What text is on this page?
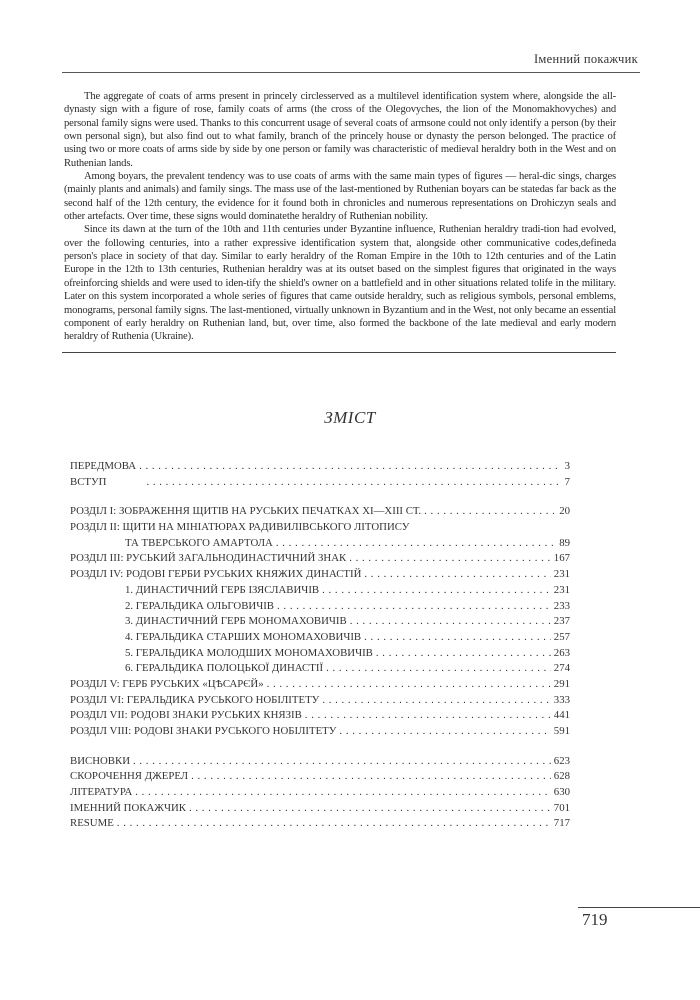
Іменний покажчик

The aggregate of coats of arms present in princely circlesserved as a multilevel identification system where, alongside the all-dynasty sign with a figure of rose, family coats of arms (the cross of the Olegovyches, the lion of the Monomakhovyches) and personal family signs were used. Thanks to this concurrent usage of several coats of armsone could not only identify a person (by their own personal sign), but also find out to what family, branch of the princely house or dynasty the person belonged. The practice of using two or more coats of arms side by side by one person or family was characteristic of medieval heraldry both in the West and on Ruthenian lands.

Among boyars, the prevalent tendency was to use coats of arms with the same main types of figures — heral-dic sings, charges (mainly plants and animals) and family sings. The mass use of the last-mentioned by Ruthenian boyars can be statedas far back as the second half of the 12th century, the evidence for it found both in chronicles and numerous representations on Drohiczyn seals and other artefacts. Over time, these signs would dominatethe heraldry of Ruthenian nobility.

Since its dawn at the turn of the 10th and 11th centuries under Byzantine influence, Ruthenian heraldry tradi-tion had evolved, over the following centuries, into a rather expressive identification system that, alongside other communicative codes,defineda person's place in society of that day. Similar to early heraldry of the Roman Empire in the 10th to 12th centuries and of the Latin Europe in the 12th to 13th centuries, Ruthenian heraldry was at its outset based on the simplest figures that originated in the ways ofreinforcing shields and were used to iden-tify the shield's owner on a battlefield and in other situations related tolife in the military. Later on this system incorporated a whole series of figures that came outside heraldry, such as religious symbols, personal emblems, monograms, personal family signs. The last-mentioned, virtually unknown in Byzantium and in the West, not only became an essential component of early heraldry on Ruthenian land, but, over time, also formed the backbone of the late medieval and early modern heraldry of Ruthenia (Ukraine).

ЗМІСТ
ПЕРЕДМОВА . . .	3
ВСТУП . . .	7
РОЗДІЛ І: ЗОБРАЖЕННЯ ЩИТІВ НА РУСЬКИХ ПЕЧАТКАХ ХІ—ХІІІ СТ. . . .	20
РОЗДІЛ ІІ: ЩИТИ НА МІНІАТЮРАХ РАДИВИЛІВСЬКОГО ЛІТОПИСУ
ТА ТВЕРСЬКОГО АМАРТОЛА . . .	89
РОЗДІЛ ІІІ: РУСЬКИЙ ЗАГАЛЬНОДИНАСТИЧНИЙ ЗНАК . . .	167
РОЗДІЛ IV: РОДОВІ ГЕРБИ РУСЬКИХ КНЯЖИХ ДИНАСТІЙ . . .	231
1. ДИНАСТИЧНИЙ ГЕРБ ІЗЯСЛАВИЧІВ . . .	231
2. ГЕРАЛЬДИКА ОЛЬГОВИЧІВ . . .	233
3. ДИНАСТИЧНИЙ ГЕРБ МОНОМАХОВИЧІВ . . .	237
4. ГЕРАЛЬДИКА СТАРШИХ МОНОМАХОВИЧІВ . . .	257
5. ГЕРАЛЬДИКА МОЛОДШИХ МОНОМАХОВИЧІВ . . .	263
6. ГЕРАЛЬДИКА ПОЛОЦЬКОЇ ДИНАСТІЇ . . .	274
РОЗДІЛ V: ГЕРБ РУСЬКИХ «ЦѢСАРЄЙ» . . .	291
РОЗДІЛ VI: ГЕРАЛЬДИКА РУСЬКОГО НОБІЛІТЕТУ . . .	333
РОЗДІЛ VII: РОДОВІ ЗНАКИ РУСЬКИХ КНЯЗІВ . . .	441
РОЗДІЛ VIII: РОДОВІ ЗНАКИ РУСЬКОГО НОБІЛІТЕТУ . . .	591
ВИСНОВКИ . . .	623
СКОРОЧЕННЯ ДЖЕРЕЛ . . .	628
ЛІТЕРАТУРА . . .	630
ІМЕННИЙ ПОКАЖЧИК . . .	701
RESUME . . .	717
719
